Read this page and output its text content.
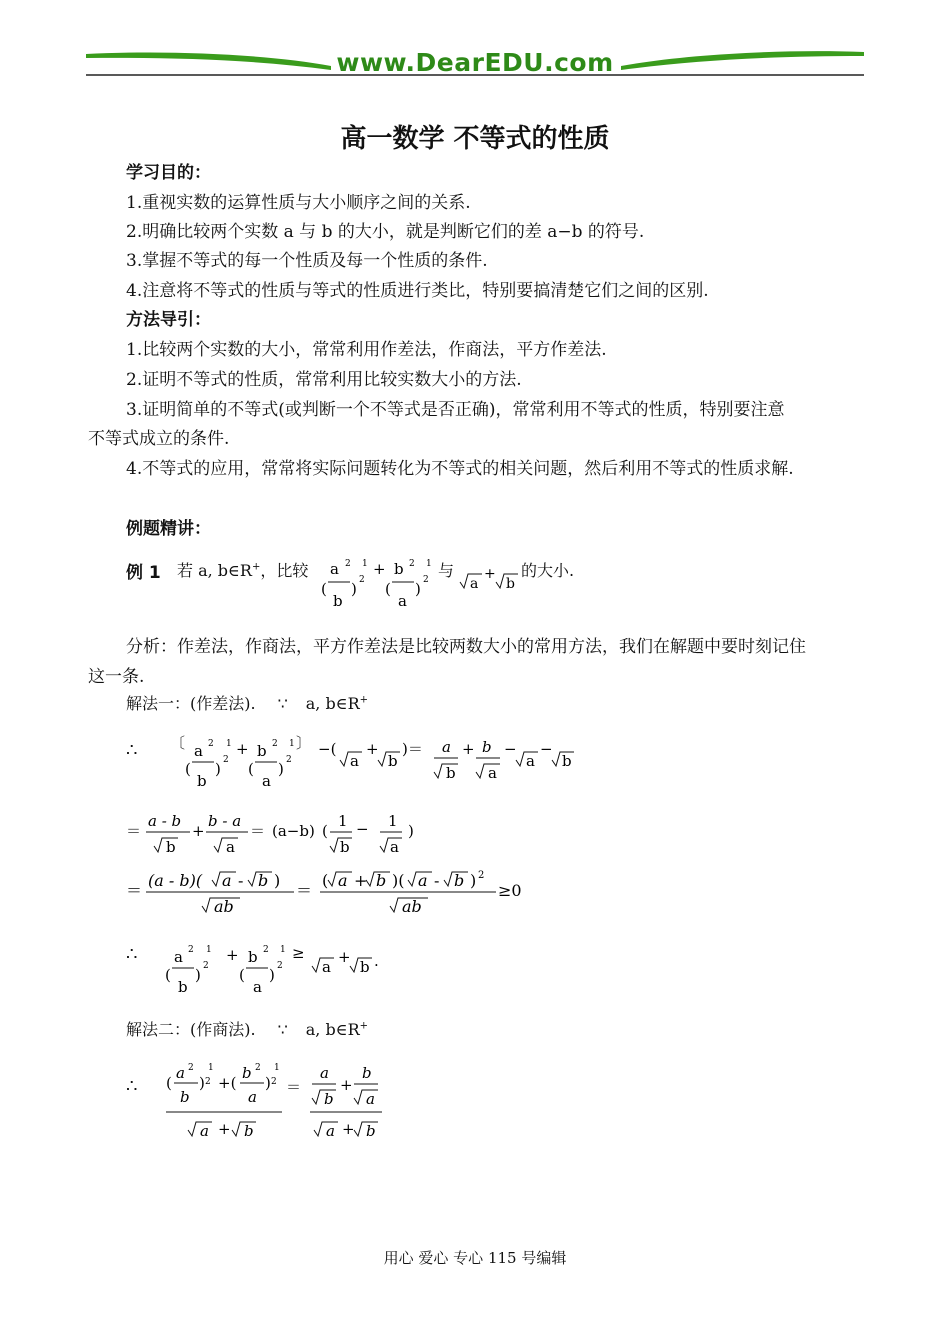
www.DearEDU.com
高一数学 不等式的性质
学习目的：
1.重视实数的运算性质与大小顺序之间的关系.
2.明确比较两个实数 a 与 b 的大小，就是判断它们的差 a−b 的符号.
3.掌握不等式的每一个性质及每一个性质的条件.
4.注意将不等式的性质与等式的性质进行类比，特别要搞清楚它们之间的区别.
方法导引：
1.比较两个实数的大小，常常利用作差法，作商法，平方作差法.
2.证明不等式的性质，常常利用比较实数大小的方法.
3.证明简单的不等式(或判断一个不等式是否正确)，常常利用不等式的性质，特别要注意
不等式成立的条件.
4.不等式的应用，常常将实际问题转化为不等式的相关问题，然后利用不等式的性质求解.
例题精讲：
例 1 若 a, b∈R+，比较 a 2
(
b
)
1
2
+ b 2
(
a
)
1
2 与
a
+
b
的大小.
分析：作差法，作商法，平方作差法是比较两数大小的常用方法，我们在解题中要时刻记住
这一条.
解法一：(作差法). ∵ a, b∈R+
∴ 〔 a 2
(
b
)
1
2
+ b 2
(
a
)
1
2
〕 −(
a
+
b
)＝ a
b
+ b
a
−
a
−
b
＝
a - b
b
+
b - a
a
＝ (a−b) (
1
b
− 1
a
)
＝
(a - b)( a - b )
ab
＝
( a + b )( a - b ) 2
ab
≥0
∴ a 2
(
b
)
1
2
+ b 2
(
a
)
1
2
≥
a
+
b .
解法二：(作商法). ∵ a, b∈R+
∴ (
a 2
b
)
1
2 +(
b 2
a
)
1
2
a + b
＝
a
b
+
b
a
a + b
用心 爱心 专心 115 号编辑
